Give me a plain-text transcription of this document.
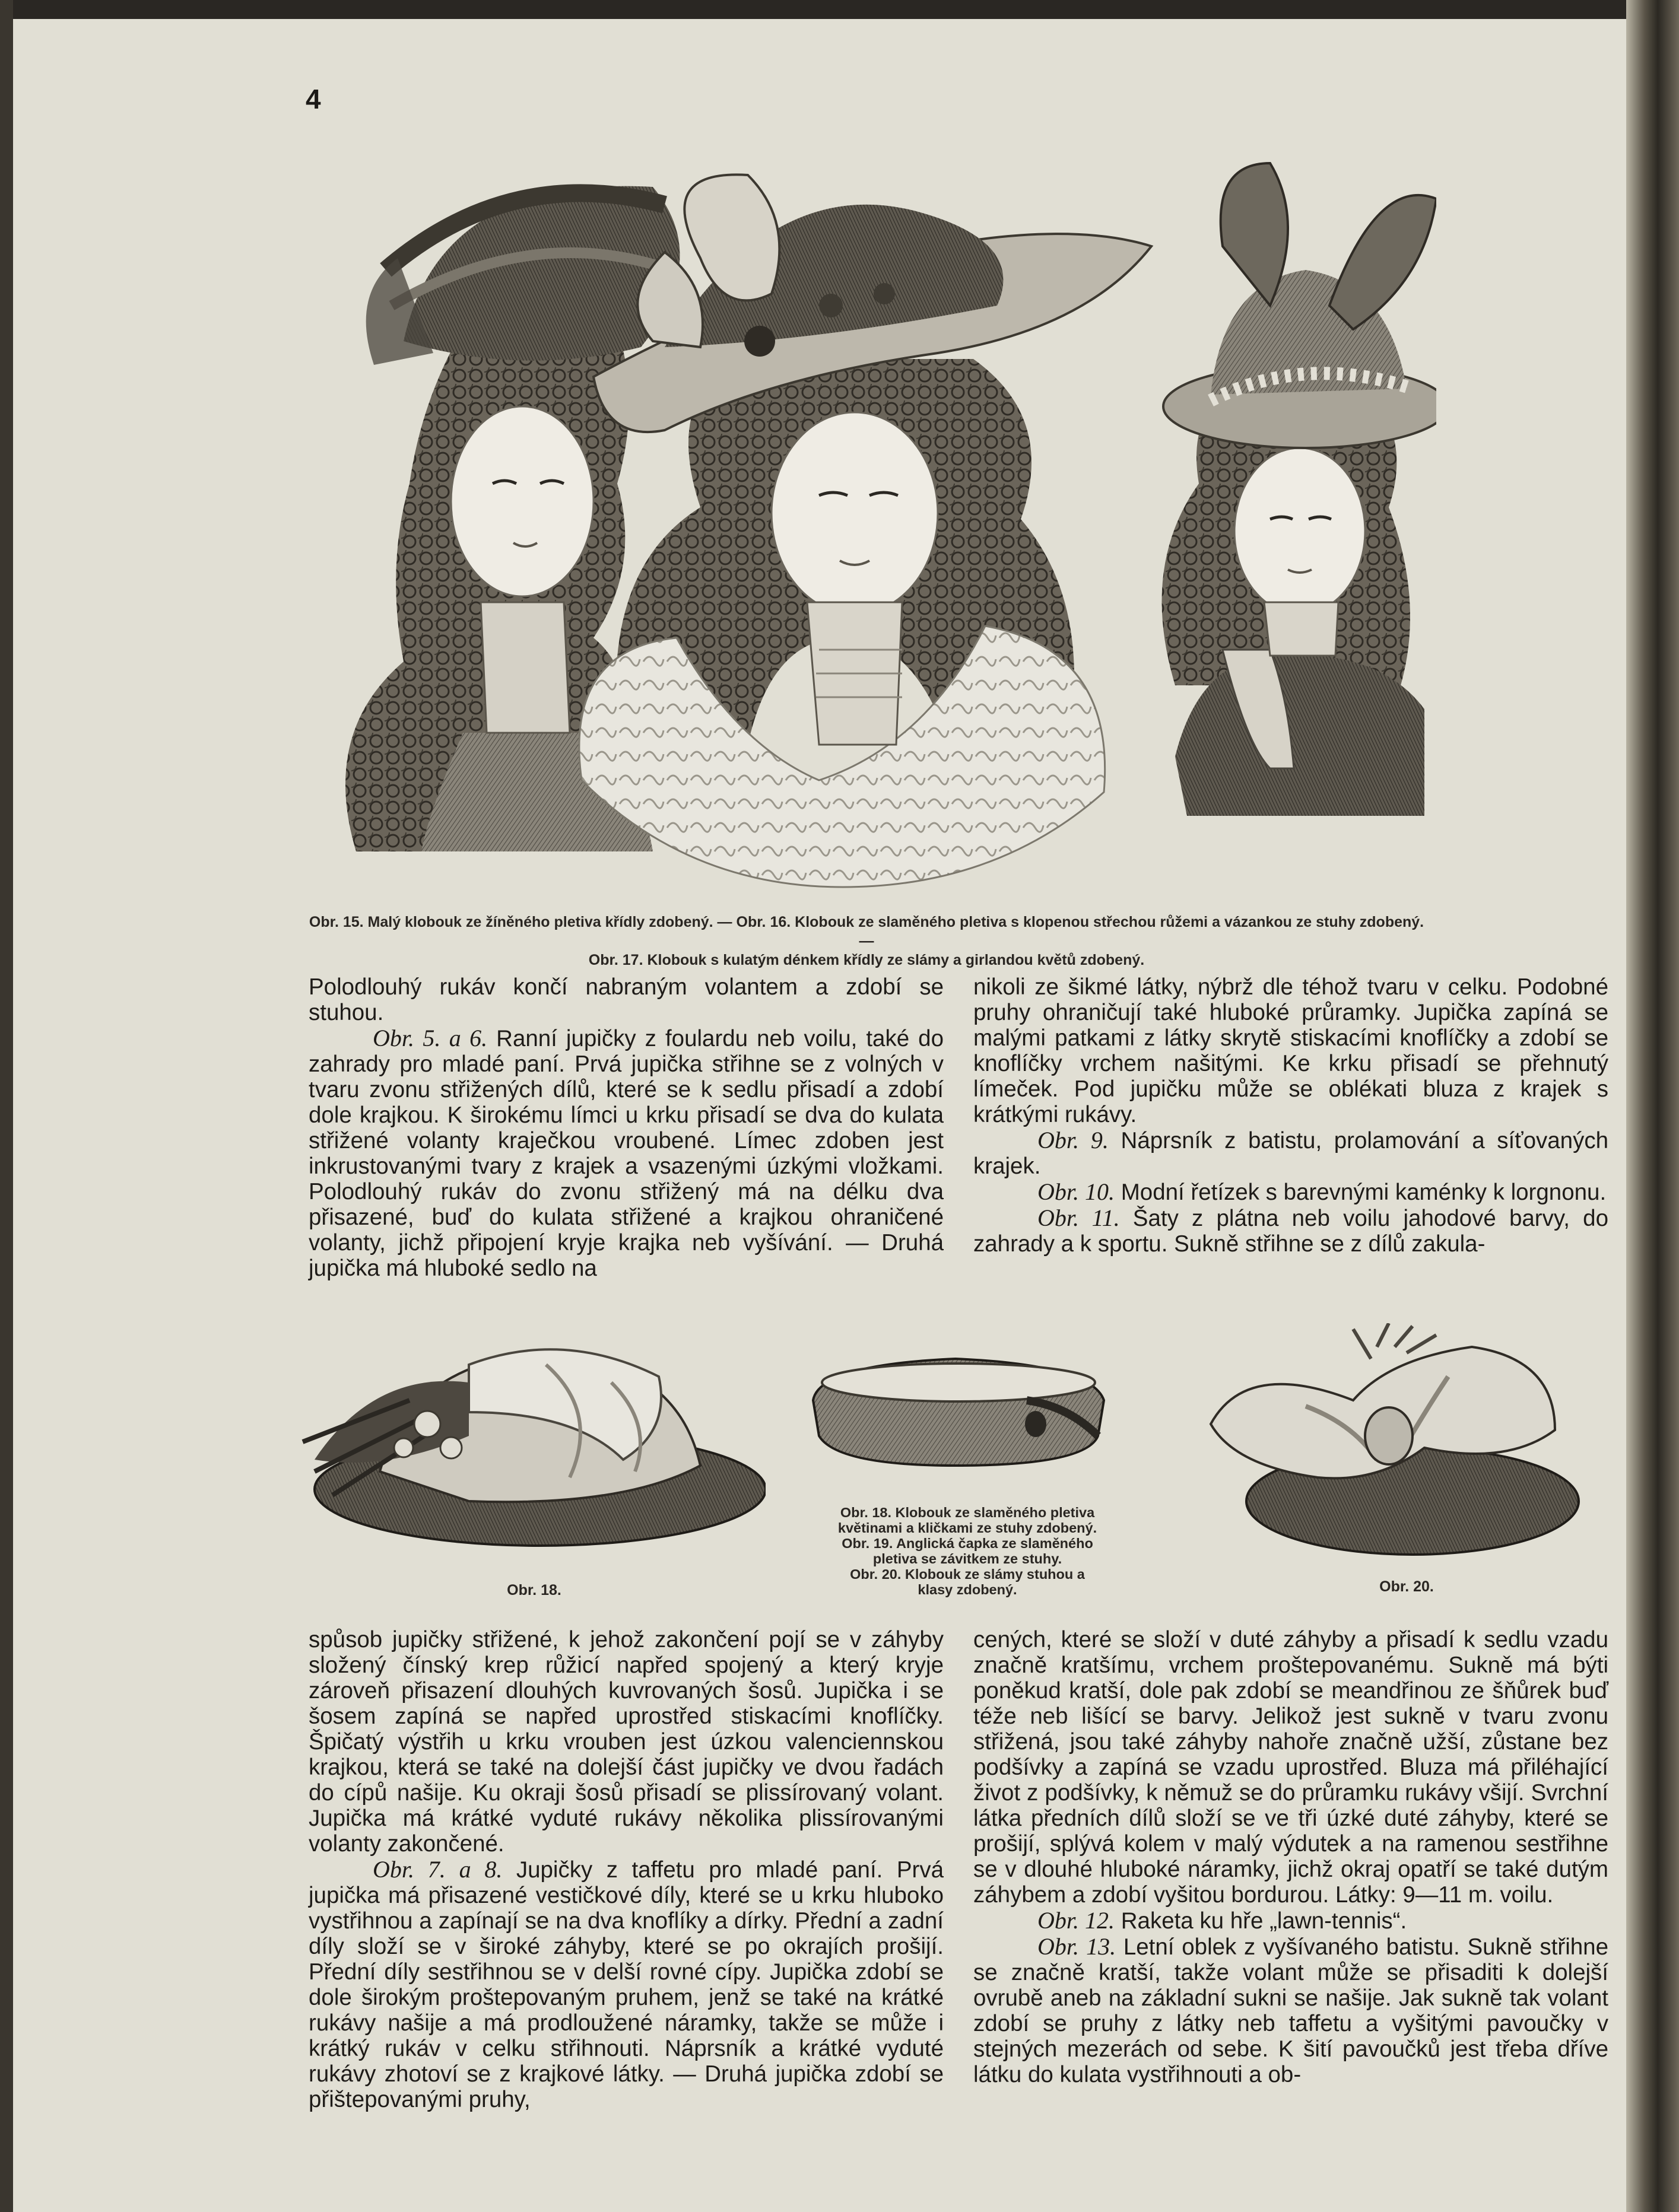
4
Obr. 15. Malý klobouk ze žíněného pletiva křídly zdobený. — Obr. 16. Klobouk ze slaměného pletiva s klopenou střechou růžemi a vázankou ze stuhy zdobený. —
Obr. 17. Klobouk s kulatým dénkem křídly ze slámy a girlandou květů zdobený.

Polodlouhý rukáv končí nabraným volantem a zdobí se stuhou.

Obr. 5. a 6. Ranní jupičky z foulardu neb voilu, také do zahrady pro mladé paní. Prvá jupička střihne se z volných v tvaru zvonu střižených dílů, které se k sedlu přisadí a zdobí dole krajkou. K širokému límci u krku přisadí se dva do kulata střižené volanty kraječkou vroubené. Límec zdoben jest inkrustovanými tvary z krajek a vsazenými úzkými vložkami. Polodlouhý rukáv do zvonu střižený má na délku dva přisazené, buď do kulata střižené a krajkou ohraničené volanty, jichž připojení kryje krajka neb vyšívání. — Druhá jupička má hluboké sedlo na

nikoli ze šikmé látky, nýbrž dle téhož tvaru v celku. Podobné pruhy ohraničují také hluboké průramky. Jupička zapíná se malými patkami z látky skrytě stiskacími knoflíčky a zdobí se knoflíčky vrchem našitými. Ke krku přisadí se přehnutý límeček. Pod jupičku může se oblékati bluza z krajek s krátkými rukávy.

Obr. 9. Náprsník z batistu, prolamování a síťovaných krajek.

Obr. 10. Modní řetízek s barevnými kaménky k lorgnonu.

Obr. 11. Šaty z plátna neb voilu jahodové barvy, do zahrady a k sportu. Sukně střihne se z dílů zakula-

Obr. 18.	Obr. 20.
Obr. 18. Klobouk ze slaměného pletiva
květinami a kličkami ze stuhy zdobený.
Obr. 19. Anglická čapka ze slaměného
pletiva se závitkem ze stuhy.
Obr. 20. Klobouk ze slámy stuhou a
klasy zdobený.

spůsob jupičky střižené, k jehož zakončení pojí se v záhyby složený čínský krep růžicí napřed spojený a který kryje zároveň přisazení dlouhých kuvrovaných šosů. Jupička i se šosem zapíná se napřed uprostřed stiskacími knoflíčky. Špičatý výstřih u krku vrouben jest úzkou valenciennskou krajkou, která se také na dolejší část jupičky ve dvou řadách do cípů našije. Ku okraji šosů přisadí se plissírovaný volant. Jupička má krátké vyduté rukávy několika plissírovanými volanty zakončené.

Obr. 7. a 8. Jupičky z taffetu pro mladé paní. Prvá jupička má přisazené vestičkové díly, které se u krku hluboko vystřihnou a zapínají se na dva knoflíky a dírky. Přední a zadní díly složí se v široké záhyby, které se po okrajích prošijí. Přední díly sestřihnou se v delší rovné cípy. Jupička zdobí se dole širokým proštepovaným pruhem, jenž se také na krátké rukávy našije a má prodloužené náramky, takže se může i krátký rukáv v celku střihnouti. Náprsník a krátké vyduté rukávy zhotoví se z krajkové látky. — Druhá jupička zdobí se přištepovanými pruhy,

cených, které se složí v duté záhyby a přisadí k sedlu vzadu značně kratšímu, vrchem proštepovanému. Sukně má býti poněkud kratší, dole pak zdobí se meandřinou ze šňůrek buď téže neb lišící se barvy. Jelikož jest sukně v tvaru zvonu střižená, jsou také záhyby nahoře značně užší, zůstane bez podšívky a zapíná se vzadu uprostřed. Bluza má přiléhající život z podšívky, k němuž se do průramku rukávy všijí. Svrchní látka předních dílů složí se ve tři úzké duté záhyby, které se prošijí, splývá kolem v malý výdutek a na ramenou sestřihne se v dlouhé hluboké náramky, jichž okraj opatří se také dutým záhybem a zdobí vyšitou bordurou. Látky: 9—11 m. voilu.

Obr. 12. Raketa ku hře „lawn-tennis“.

Obr. 13. Letní oblek z vyšívaného batistu. Sukně střihne se značně kratší, takže volant může se přisaditi k dolejší ovrubě aneb na základní sukni se našije. Jak sukně tak volant zdobí se pruhy z látky neb taffetu a vyšitými pavoučky v stejných mezerách od sebe. K šití pavoučků jest třeba dříve látku do kulata vystřihnouti a ob-
